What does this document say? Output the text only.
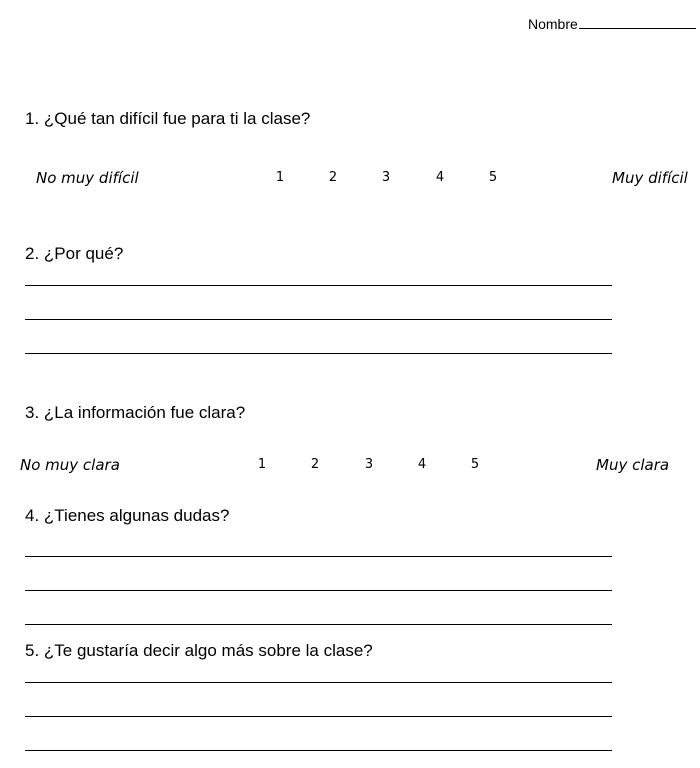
Nombre
1. ¿Qué tan difícil fue para ti la clase?
No muy difícil	1	2	3	4	5	Muy difícil
2. ¿Por qué?
3. ¿La información fue clara?
No muy clara	1	2	3	4	5	Muy clara
4. ¿Tienes algunas dudas?
5. ¿Te gustaría decir algo más sobre la clase?
